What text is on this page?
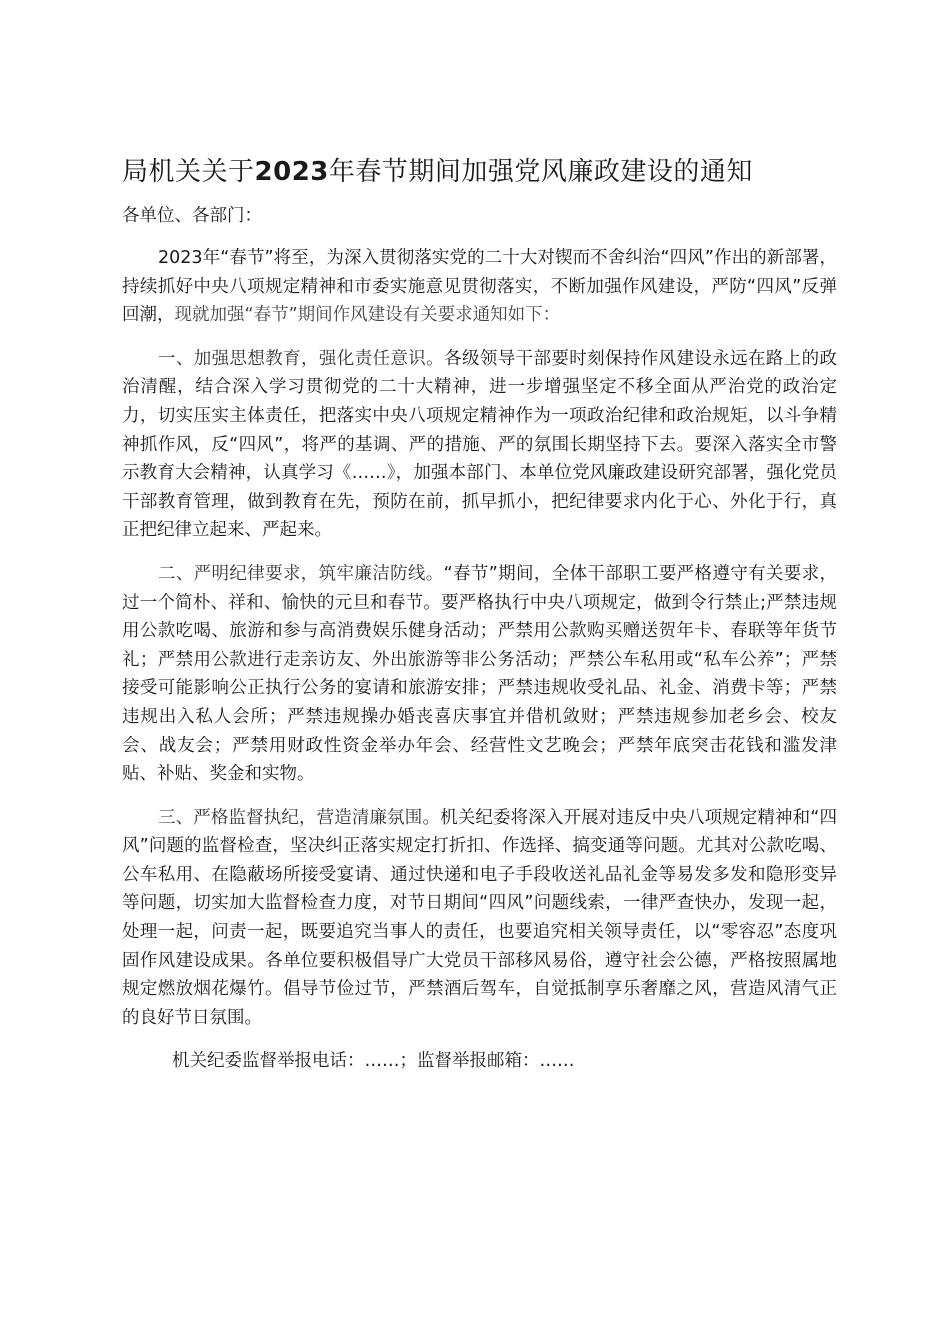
局机关关于2023年春节期间加强党风廉政建设的通知

各单位、各部门：

2023年“春节”将至，为深入贯彻落实党的二十大对锲而不舍纠治“四风”作出的新部署，持续抓好中央八项规定精神和市委实施意见贯彻落实，不断加强作风建设，严防“四风”反弹回潮，现就加强“春节”期间作风建设有关要求通知如下：

一、加强思想教育，强化责任意识。各级领导干部要时刻保持作风建设永远在路上的政治清醒，结合深入学习贯彻党的二十大精神，进一步增强坚定不移全面从严治党的政治定力，切实压实主体责任，把落实中央八项规定精神作为一项政治纪律和政治规矩，以斗争精神抓作风，反“四风”，将严的基调、严的措施、严的氛围长期坚持下去。要深入落实全市警示教育大会精神，认真学习《……》，加强本部门、本单位党风廉政建设研究部署，强化党员干部教育管理，做到教育在先，预防在前，抓早抓小，把纪律要求内化于心、外化于行，真正把纪律立起来、严起来。

二、严明纪律要求，筑牢廉洁防线。“春节”期间，全体干部职工要严格遵守有关要求，过一个简朴、祥和、愉快的元旦和春节。要严格执行中央八项规定，做到令行禁止;严禁违规用公款吃喝、旅游和参与高消费娱乐健身活动；严禁用公款购买赠送贺年卡、春联等年货节礼；严禁用公款进行走亲访友、外出旅游等非公务活动；严禁公车私用或“私车公养”；严禁接受可能影响公正执行公务的宴请和旅游安排；严禁违规收受礼品、礼金、消费卡等；严禁违规出入私人会所；严禁违规操办婚丧喜庆事宜并借机敛财；严禁违规参加老乡会、校友会、战友会；严禁用财政性资金举办年会、经营性文艺晚会；严禁年底突击花钱和滥发津贴、补贴、奖金和实物。

三、严格监督执纪，营造清廉氛围。机关纪委将深入开展对违反中央八项规定精神和“四风”问题的监督检查，坚决纠正落实规定打折扣、作选择、搞变通等问题。尤其对公款吃喝、公车私用、在隐蔽场所接受宴请、通过快递和电子手段收送礼品礼金等易发多发和隐形变异等问题，切实加大监督检查力度，对节日期间“四风”问题线索，一律严查快办，发现一起，处理一起，问责一起，既要追究当事人的责任，也要追究相关领导责任，以“零容忍”态度巩固作风建设成果。各单位要积极倡导广大党员干部移风易俗，遵守社会公德，严格按照属地规定燃放烟花爆竹。倡导节俭过节，严禁酒后驾车，自觉抵制享乐奢靡之风，营造风清气正的良好节日氛围。

机关纪委监督举报电话：……；监督举报邮箱：……
